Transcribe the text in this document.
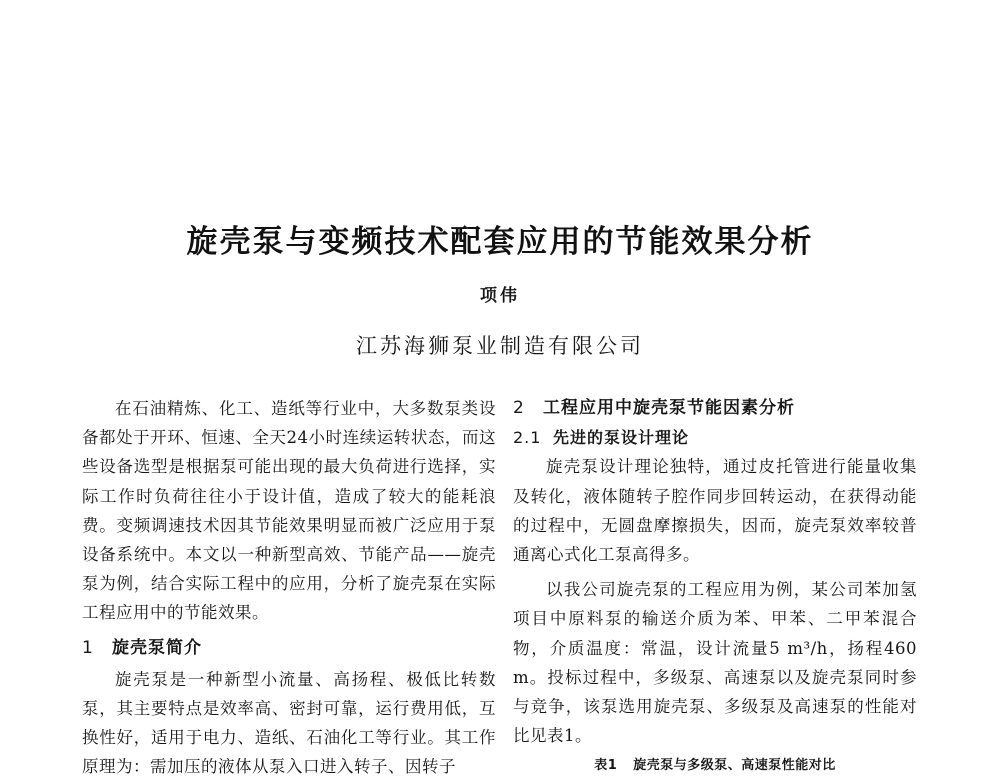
旋壳泵与变频技术配套应用的节能效果分析
项伟
江苏海狮泵业制造有限公司

在石油精炼、化工、造纸等行业中，大多数泵类设备都处于开环、恒速、全天24小时连续运转状态，而这些设备选型是根据泵可能出现的最大负荷进行选择，实际工作时负荷往往小于设计值，造成了较大的能耗浪费。变频调速技术因其节能效果明显而被广泛应用于泵设备系统中。本文以一种新型高效、节能产品——旋壳泵为例，结合实际工程中的应用，分析了旋壳泵在实际工程应用中的节能效果。

1 旋壳泵简介

旋壳泵是一种新型小流量、高扬程、极低比转数泵，其主要特点是效率高、密封可靠，运行费用低，互换性好，适用于电力、造纸、石油化工等行业。其工作原理为：需加压的液体从泵入口进入转子、因转子

2 工程应用中旋壳泵节能因素分析

2.1 先进的泵设计理论

旋壳泵设计理论独特，通过皮托管进行能量收集及转化，液体随转子腔作同步回转运动，在获得动能的过程中，无圆盘摩擦损失，因而，旋壳泵效率较普通离心式化工泵高得多。

以我公司旋壳泵的工程应用为例，某公司苯加氢项目中原料泵的输送介质为苯、甲苯、二甲苯混合物，介质温度：常温，设计流量5 m³/h，扬程460 m。投标过程中，多级泵、高速泵以及旋壳泵同时参与竞争，该泵选用旋壳泵、多级泵及高速泵的性能对比见表1。

表1 旋壳泵与多级泵、高速泵性能对比
